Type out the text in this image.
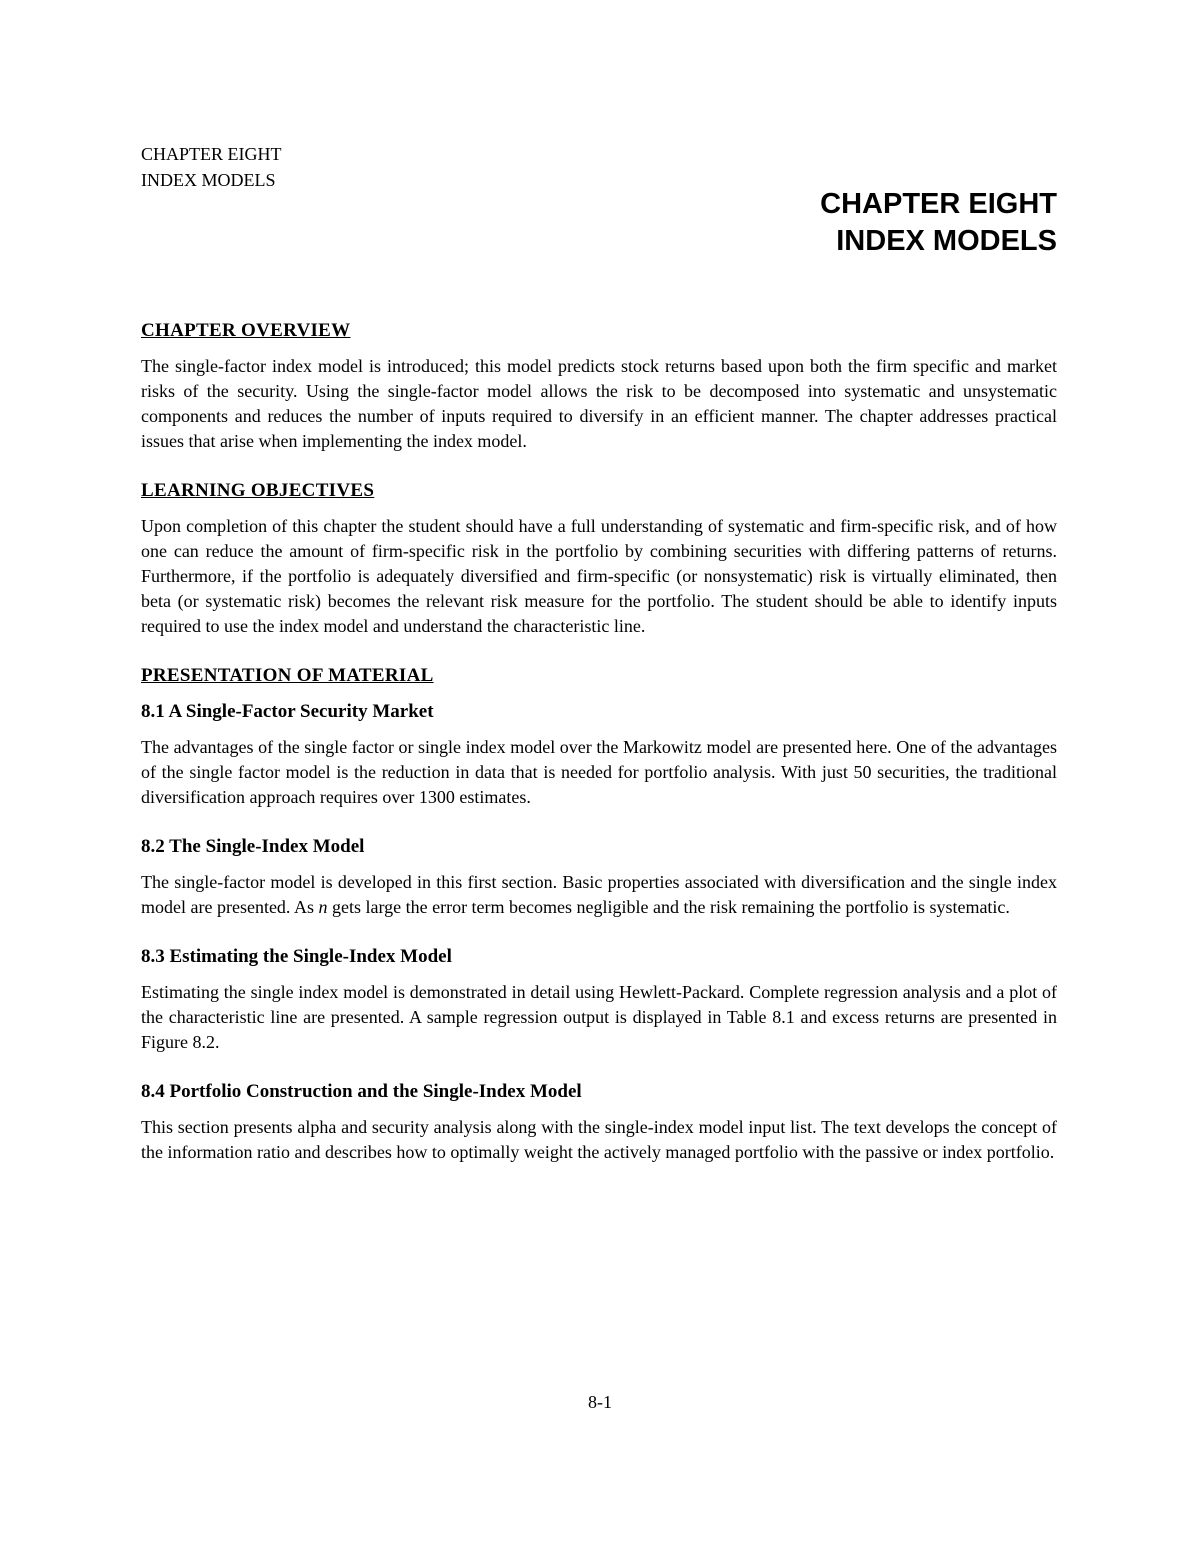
CHAPTER EIGHT
INDEX MODELS
CHAPTER EIGHT
INDEX MODELS
CHAPTER OVERVIEW

The single-factor index model is introduced; this model predicts stock returns based upon both the firm specific and market risks of the security. Using the single-factor model allows the risk to be decomposed into systematic and unsystematic components and reduces the number of inputs required to diversify in an efficient manner. The chapter addresses practical issues that arise when implementing the index model.

LEARNING OBJECTIVES

Upon completion of this chapter the student should have a full understanding of systematic and firm-specific risk, and of how one can reduce the amount of firm-specific risk in the portfolio by combining securities with differing patterns of returns. Furthermore, if the portfolio is adequately diversified and firm-specific (or nonsystematic) risk is virtually eliminated, then beta (or systematic risk) becomes the relevant risk measure for the portfolio. The student should be able to identify inputs required to use the index model and understand the characteristic line.

PRESENTATION OF MATERIAL
8.1 A Single-Factor Security Market

The advantages of the single factor or single index model over the Markowitz model are presented here. One of the advantages of the single factor model is the reduction in data that is needed for portfolio analysis. With just 50 securities, the traditional diversification approach requires over 1300 estimates.

8.2 The Single-Index Model

The single-factor model is developed in this first section. Basic properties associated with diversification and the single index model are presented. As n gets large the error term becomes negligible and the risk remaining the portfolio is systematic.

8.3 Estimating the Single-Index Model

Estimating the single index model is demonstrated in detail using Hewlett-Packard. Complete regression analysis and a plot of the characteristic line are presented. A sample regression output is displayed in Table 8.1 and excess returns are presented in Figure 8.2.

8.4 Portfolio Construction and the Single-Index Model

This section presents alpha and security analysis along with the single-index model input list. The text develops the concept of the information ratio and describes how to optimally weight the actively managed portfolio with the passive or index portfolio.

8-1
